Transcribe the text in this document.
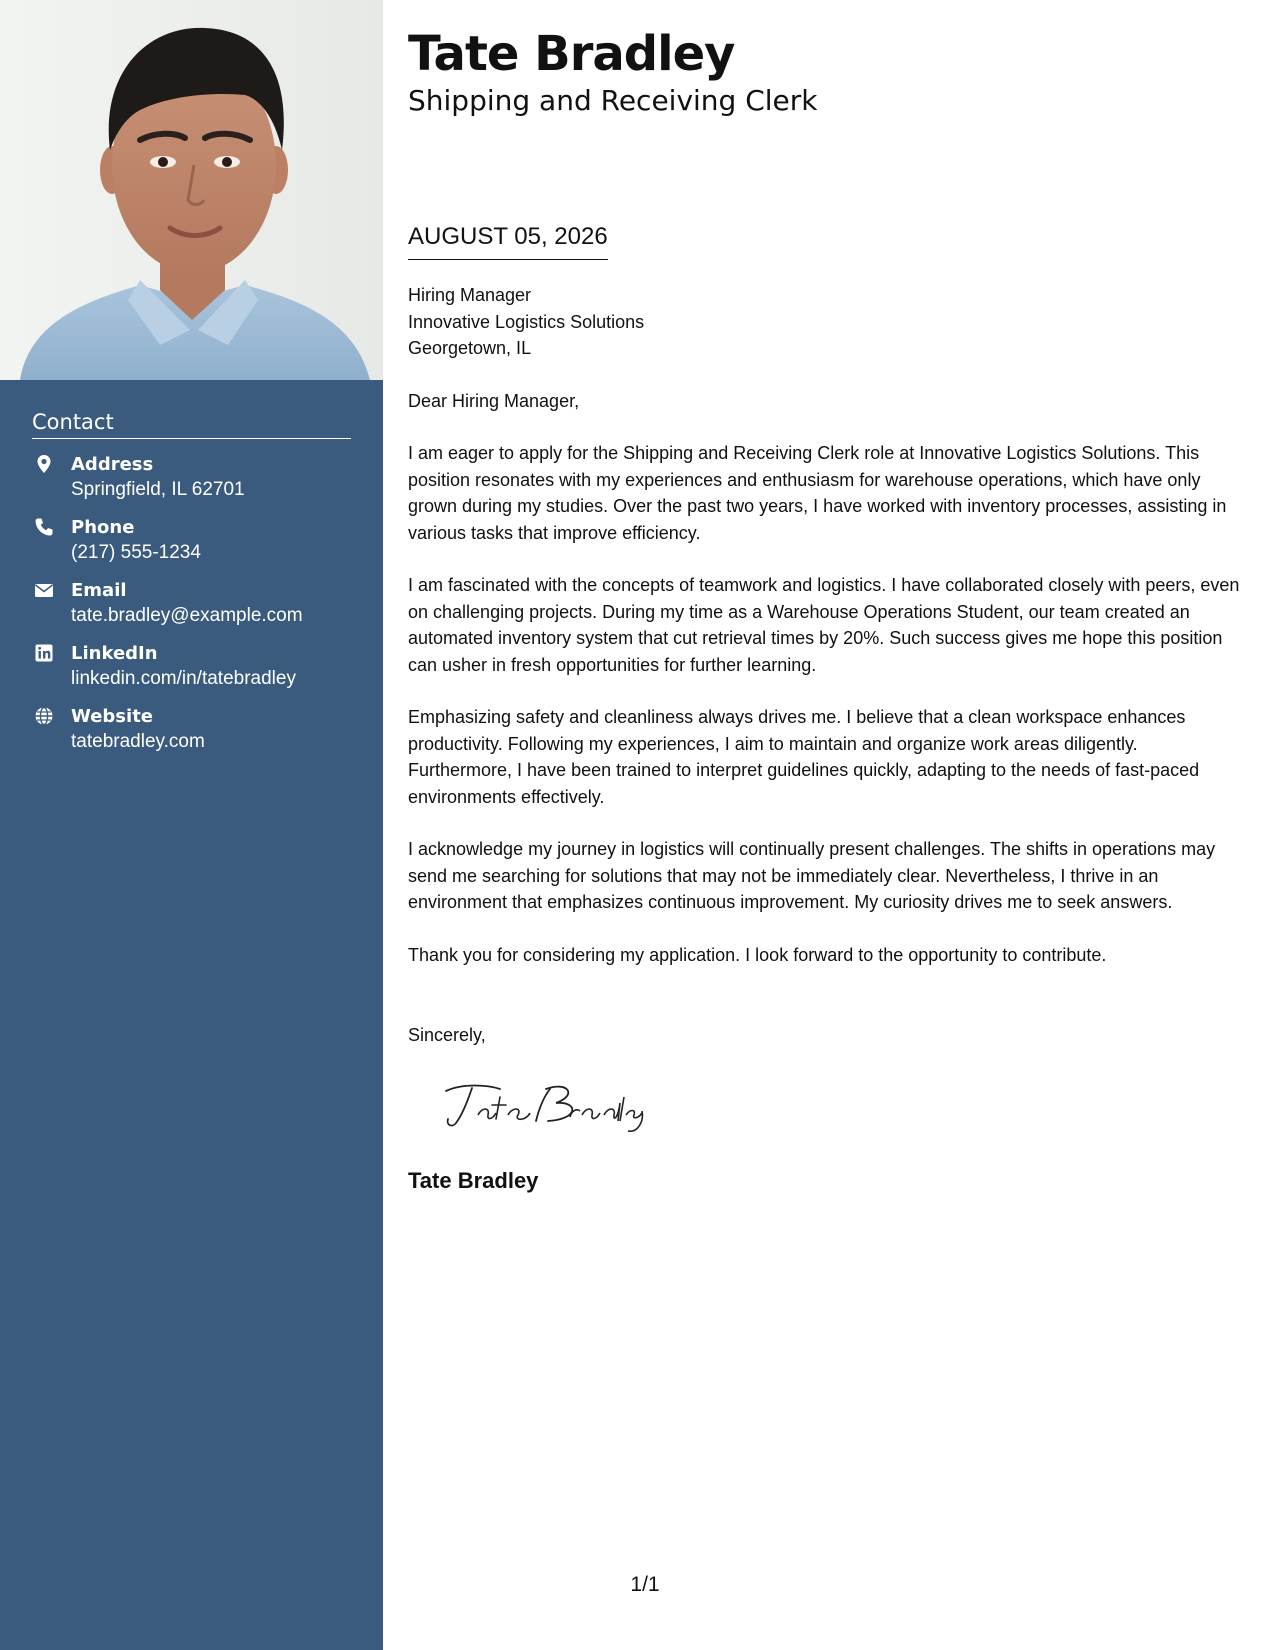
Contact
Address
Springfield, IL 62701
Phone
(217) 555-1234
Email
tate.bradley@example.com
LinkedIn
linkedin.com/in/tatebradley
Website
tatebradley.com
Tate Bradley
Shipping and Receiving Clerk
AUGUST 05, 2026

Hiring Manager
Innovative Logistics Solutions
Georgetown, IL

Dear Hiring Manager,

I am eager to apply for the Shipping and Receiving Clerk role at Innovative Logistics Solutions. This position resonates with my experiences and enthusiasm for warehouse operations, which have only grown during my studies. Over the past two years, I have worked with inventory processes, assisting in various tasks that improve efficiency.

I am fascinated with the concepts of teamwork and logistics. I have collaborated closely with peers, even on challenging projects. During my time as a Warehouse Operations Student, our team created an automated inventory system that cut retrieval times by 20%. Such success gives me hope this position can usher in fresh opportunities for further learning.

Emphasizing safety and cleanliness always drives me. I believe that a clean workspace enhances productivity. Following my experiences, I aim to maintain and organize work areas diligently. Furthermore, I have been trained to interpret guidelines quickly, adapting to the needs of fast-paced environments effectively.

I acknowledge my journey in logistics will continually present challenges. The shifts in operations may send me searching for solutions that may not be immediately clear. Nevertheless, I thrive in an environment that emphasizes continuous improvement. My curiosity drives me to seek answers.

Thank you for considering my application. I look forward to the opportunity to contribute.

Sincerely,
Tate Bradley
1/1
